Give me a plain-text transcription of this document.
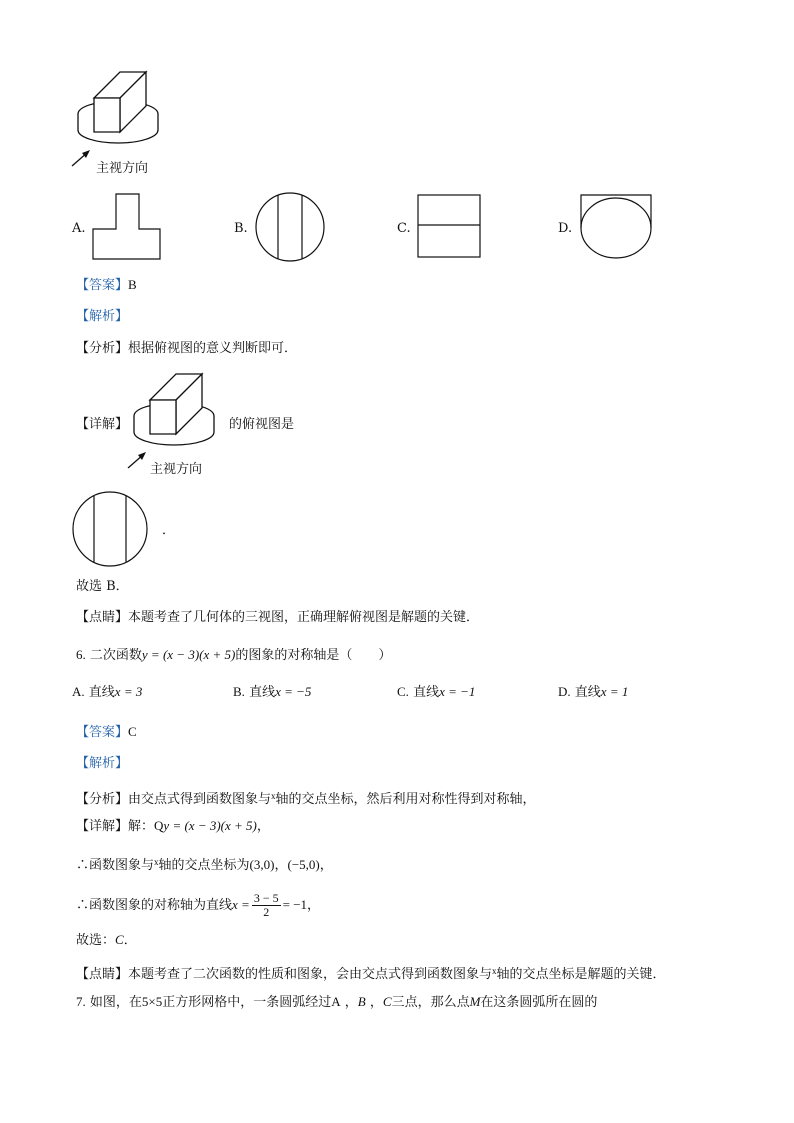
主视方向
A.	B.	C.	D.
【答案】B
【解析】
【分析】根据俯视图的意义判断即可．
【详解】	的俯视图是
主视方向
．
故选 B．
【点睛】本题考查了几何体的三视图，正确理解俯视图是解题的关键．
6. 二次函数y = (x − 3)(x + 5)的图象的对称轴是（　　）
A. 直线x = 3	B. 直线x = −5	C. 直线x = −1	D. 直线x = 1
【答案】C
【解析】
【分析】由交点式得到函数图象与$^x$轴的交点坐标，然后利用对称性得到对称轴，
【详解】解：Qy = (x − 3)(x + 5)，
∴函数图象与$^x$轴的交点坐标为(3,0)，(−5,0)，
∴函数图象的对称轴为直线$x = \frac{3 - 5}{2} = -1$，
故选：C．
【点睛】本题考查了二次函数的性质和图象，会由交点式得到函数图象与$^x$轴的交点坐标是解题的关键．
7. 如图，在5×5正方形网格中，一条圆弧经过A ，B ，C三点，那么点M在这条圆弧所在圆的
